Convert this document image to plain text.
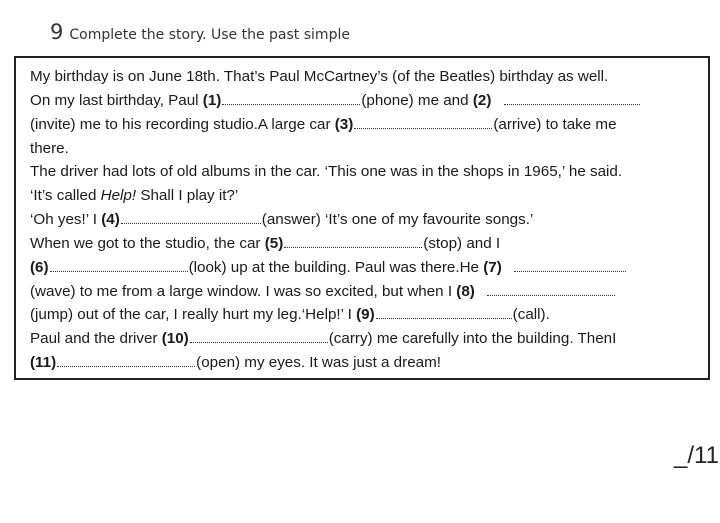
9 Complete the story. Use the past simple
My birthday is on June 18th. That’s Paul McCartney’s (of the Beatles) birthday as well.
On my last birthday, Paul (1)	(phone) me and (2)
(invite) me to his recording studio.A large car (3)	(arrive) to take me
there.
The driver had lots of old albums in the car. ‘This one was in the shops in 1965,’ he said.
‘It’s called Help! Shall I play it?’
‘Oh yes!’ I (4)	(answer) ‘It’s one of my favourite songs.’
When we got to the studio, the car (5)	(stop) and I
(6)	(look) up at the building. Paul was there.He (7)
(wave) to me from a large window. I was so excited, but when I (8)
(jump) out of the car, I really hurt my leg.‘Help!’ I (9)	(call).
Paul and the driver (10)	(carry) me carefully into the building. ThenI
(11)	(open) my eyes. It was just a dream!
_/11
